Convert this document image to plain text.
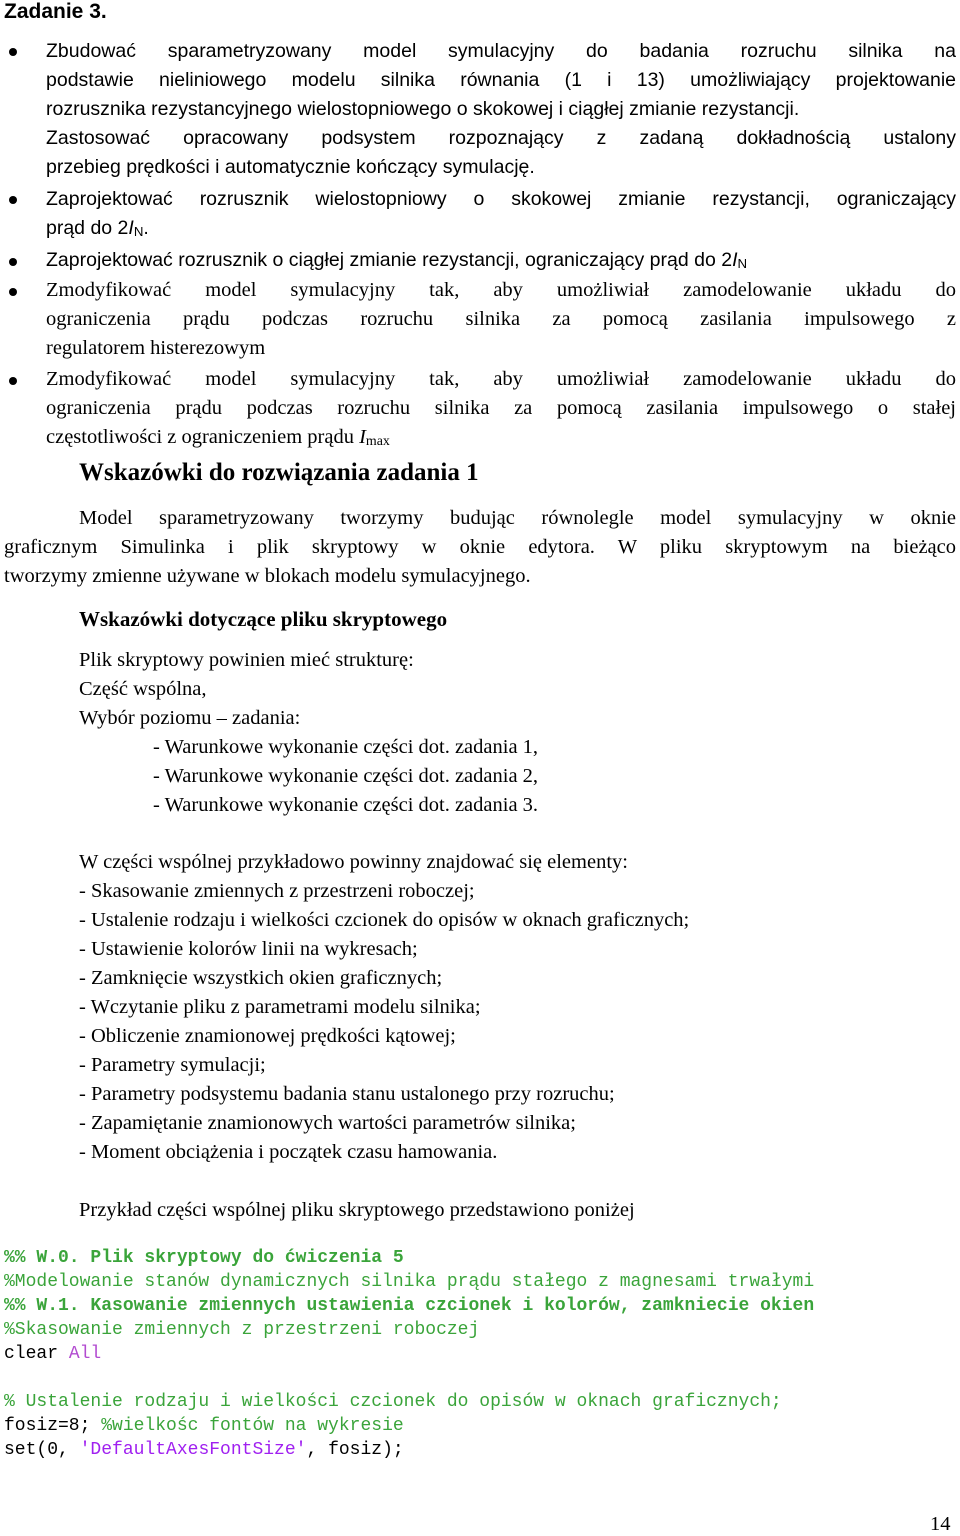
Zadanie 3.
Zbudować sparametryzowany model symulacyjny do badania rozruchu silnika na
podstawie nieliniowego modelu silnika równania (1 i 13) umożliwiający projektowanie
rozrusznika rezystancyjnego wielostopniowego o skokowej i ciągłej zmianie rezystancji.
Zastosować opracowany podsystem rozpoznający z zadaną dokładnością ustalony
przebieg prędkości i automatycznie kończący symulację.
Zaprojektować rozrusznik wielostopniowy o skokowej zmianie rezystancji, ograniczający
prąd do 2IN.
Zaprojektować rozrusznik o ciągłej zmianie rezystancji, ograniczający prąd do 2IN
Zmodyfikować model symulacyjny tak, aby umożliwiał zamodelowanie układu do
ograniczenia prądu podczas rozruchu silnika za pomocą zasilania impulsowego z
regulatorem histerezowym
Zmodyfikować model symulacyjny tak, aby umożliwiał zamodelowanie układu do
ograniczenia prądu podczas rozruchu silnika za pomocą zasilania impulsowego o stałej
częstotliwości z ograniczeniem prądu Imax
Wskazówki do rozwiązania zadania 1
Model sparametryzowany tworzymy budując równolegle model symulacyjny w oknie
graficznym Simulinka i plik skryptowy w oknie edytora. W pliku skryptowym na bieżąco
tworzymy zmienne używane w blokach modelu symulacyjnego.
Wskazówki dotyczące pliku skryptowego
Plik skryptowy powinien mieć strukturę:
Część wspólna,
Wybór poziomu – zadania:
- Warunkowe wykonanie części dot. zadania 1,
- Warunkowe wykonanie części dot. zadania 2,
- Warunkowe wykonanie części dot. zadania 3.
W części wspólnej przykładowo powinny znajdować się elementy:
- Skasowanie zmiennych z przestrzeni roboczej;
- Ustalenie rodzaju i wielkości czcionek do opisów w oknach graficznych;
- Ustawienie kolorów linii na wykresach;
- Zamknięcie wszystkich okien graficznych;
- Wczytanie pliku z parametrami modelu silnika;
- Obliczenie znamionowej prędkości kątowej;
- Parametry symulacji;
- Parametry podsystemu badania stanu ustalonego przy rozruchu;
- Zapamiętanie znamionowych wartości parametrów silnika;
- Moment obciążenia i początek czasu hamowania.
Przykład części wspólnej pliku skryptowego przedstawiono poniżej
%% W.0. Plik skryptowy do ćwiczenia 5
%Modelowanie stanów dynamicznych silnika prądu stałego z magnesami trwałymi
%% W.1. Kasowanie zmiennych ustawienia czcionek i kolorów, zamkniecie okien
%Skasowanie zmiennych z przestrzeni roboczej
clear All
% Ustalenie rodzaju i wielkości czcionek do opisów w oknach graficznych;
fosiz=8; %wielkośc fontów na wykresie
set(0, 'DefaultAxesFontSize', fosiz);
14
